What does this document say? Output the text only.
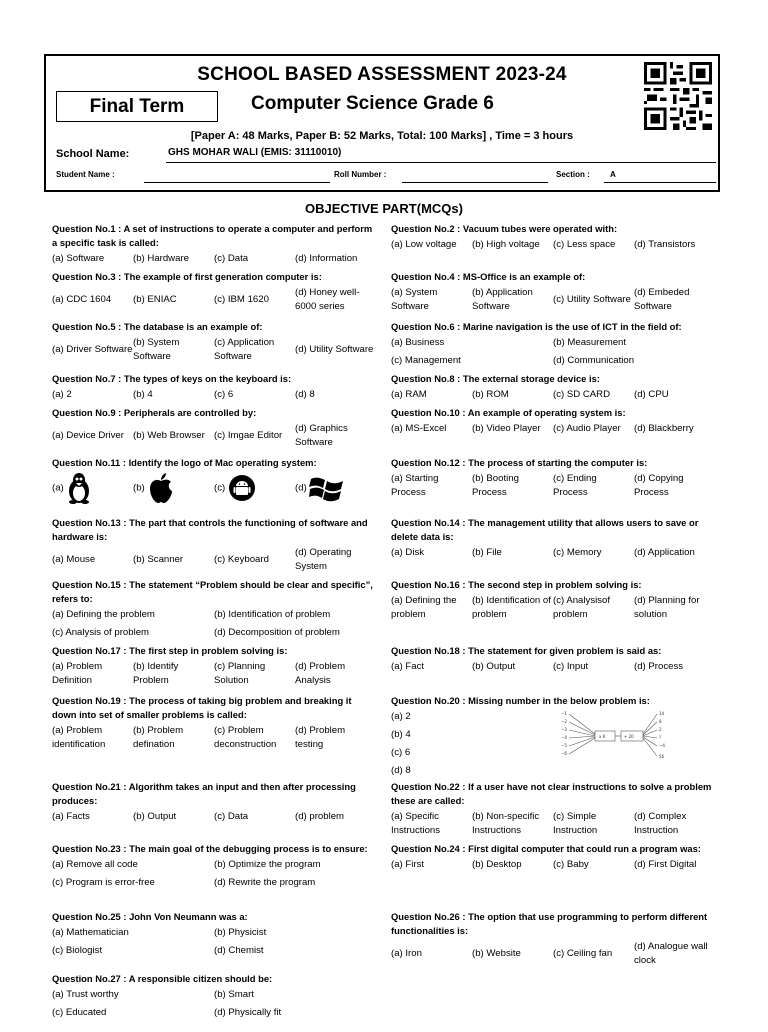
SCHOOL BASED ASSESSMENT 2023-24
Final Term	Computer Science Grade 6
[Paper A: 48 Marks, Paper B: 52 Marks, Total: 100 Marks] , Time = 3 hours
School Name:	GHS MOHAR WALI (EMIS: 31110010)
Student Name :	Roll Number :	Section :	A
OBJECTIVE PART(MCQs)
Question No.1 : A set of instructions to operate a computer and perform a specific task is called:
(a) Software	(b) Hardware	(c) Data	(d) Information
Question No.3 : The example of first generation computer is:
(a) CDC 1604	(b) ENIAC	(c) IBM 1620
(d) Honey well-6000 series
Question No.5 : The database is an example of:
(a) Driver Software
(b) System Software
(c) Application Software
(d) Utility Software
Question No.7 : The types of keys on the keyboard is:
(a) 2	(b) 4	(c) 6	(d) 8
Question No.9 : Peripherals are controlled by:
(a) Device Driver (b) Web Browser (c) Imgae Editor
(d) Graphics Software
Question No.11 : Identify the logo of Mac operating system:
(a)	(b)	(c)	(d)
Question No.13 : The part that controls the functioning of software and hardware is:
(a) Mouse	(b) Scanner	(c) Keyboard
(d) Operating System
Question No.15 : The statement “Problem should be clear and specific”, refers to:
(a) Defining the problem	(b) Identification of problem
(c) Analysis of problem	(d) Decomposition of problem
Question No.17 : The first step in problem solving is:
(a) Problem Definition
(b) Identify Problem
(c) Planning Solution
(d) Problem Analysis
Question No.19 : The process of taking big problem and breaking it down into set of smaller problems is called:
(a) Problem identification
(b) Problem defination
(c) Problem deconstruction
(d) Problem testing
Question No.21 : Algorithm takes an input and then after processing produces:
(a) Facts	(b) Output	(c) Data	(d) problem
Question No.23 : The main goal of the debugging process is to ensure:
(a) Remove all code	(b) Optimize the program
(c) Program is error-free	(d) Rewrite the program
Question No.25 : John Von Neumann was a:
(a) Mathematician	(b) Physicist
(c) Biologist	(d) Chemist
Question No.27 : A responsible citizen should be:
(a) Trust worthy	(b) Smart
(c) Educated	(d) Physically fit
Question No.2 : Vacuum tubes were operated with:
(a) Low voltage	(b) High voltage	(c) Less space	(d) Transistors
Question No.4 : MS-Office is an example of:
(a) System Software
(b) Application Software
(c) Utility Software
(d) Embeded Software
Question No.6 : Marine navigation is the use of ICT in the field of:
(a) Business	(b) Measurement
(c) Management	(d) Communication
Question No.8 : The external storage device is:
(a) RAM	(b) ROM	(c) SD CARD	(d) CPU
Question No.10 : An example of operating system is:
(a) MS-Excel	(b) Video Player	(c) Audio Player	(d) Blackberry
Question No.12 : The process of starting the computer is:
(a) Starting Process
(b) Booting Process
(c) Ending Process
(d) Copying Process
Question No.14 : The management utility that allows users to save or delete data is:
(a) Disk	(b) File	(c) Memory	(d) Application
Question No.16 : The second step in problem solving is:
(a) Defining the problem
(b) Identification of problem
(c) Analysisof problem
(d) Planning for solution
Question No.18 : The statement for given problem is said as:
(a) Fact	(b) Output	(c) Input	(d) Process
Question No.20 : Missing number in the below problem is:
(a) 2
(b) 4
(c) 6
(d) 8
−1
−2
−3
−4
−5
−6
x 6	+ 20
14
8
2
?
−4
56
Question No.22 : If a user have not clear instructions to solve a problem these are called:
(a) Specific Instructions
(b) Non-specific Instructions
(c) Simple Instruction
(d) Complex Instruction
Question No.24 : First digital computer that could run a program was:
(a) First	(b) Desktop	(c) Baby	(d) First Digital
Question No.26 : The option that use programming to perform different functionalities is:
(a) Iron	(b) Website	(c) Ceiling fan
(d) Analogue wall clock
